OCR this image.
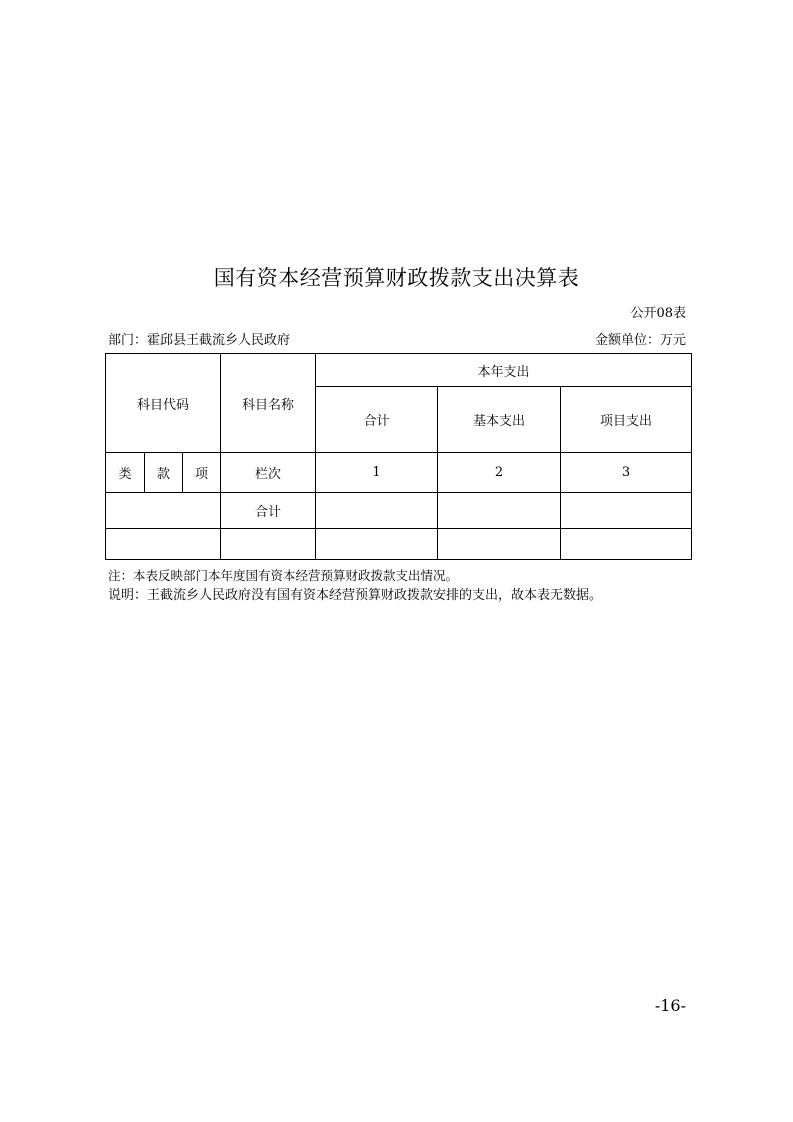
国有资本经营预算财政拨款支出决算表
公开08表
部门：霍邱县王截流乡人民政府	金额单位：万元
科目代码			科目名称	本年支出		
				合计	基本支出	项目支出
类	款	项	栏次	1	2	3
			合计			

注：本表反映部门本年度国有资本经营预算财政拨款支出情况。
说明：王截流乡人民政府没有国有资本经营预算财政拨款安排的支出，故本表无数据。
-16-
